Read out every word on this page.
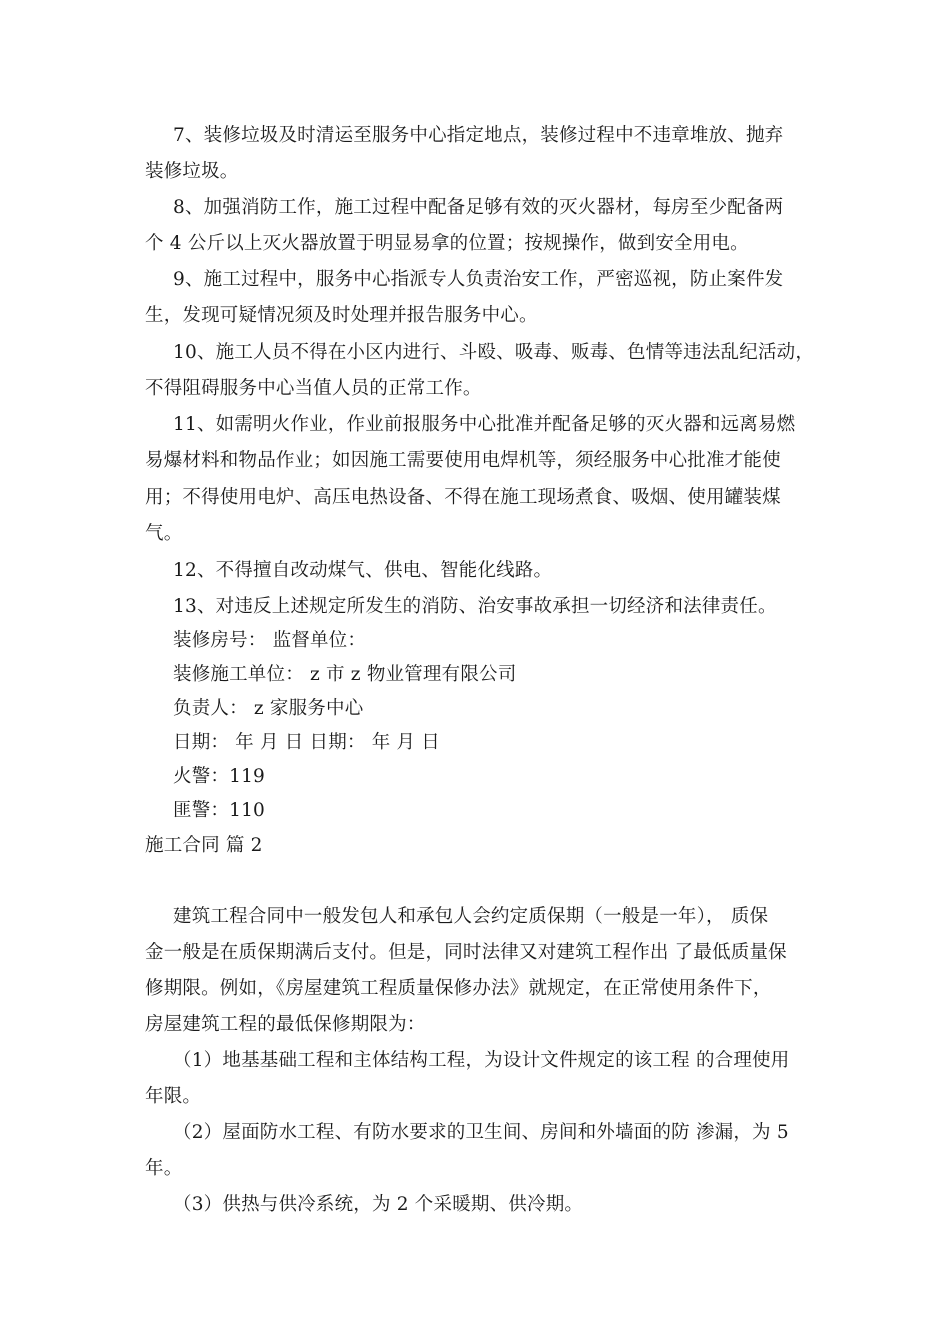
7、装修垃圾及时清运至服务中心指定地点，装修过程中不违章堆放、抛弃
装修垃圾。
8、加强消防工作，施工过程中配备足够有效的灭火器材，每房至少配备两
个 4 公斤以上灭火器放置于明显易拿的位置；按规操作，做到安全用电。
9、施工过程中，服务中心指派专人负责治安工作，严密巡视，防止案件发
生，发现可疑情况须及时处理并报告服务中心。
10、施工人员不得在小区内进行、斗殴、吸毒、贩毒、色情等违法乱纪活动，
不得阻碍服务中心当值人员的正常工作。
11、如需明火作业，作业前报服务中心批准并配备足够的灭火器和远离易燃
易爆材料和物品作业；如因施工需要使用电焊机等，须经服务中心批准才能使
用；不得使用电炉、高压电热设备、不得在施工现场煮食、吸烟、使用罐装煤
气。
12、不得擅自改动煤气、供电、智能化线路。
13、对违反上述规定所发生的消防、治安事故承担一切经济和法律责任。
装修房号： 监督单位：
装修施工单位： z 市 z 物业管理有限公司
负责人： z 家服务中心
日期： 年 月 日 日期： 年 月 日
火警：119
匪警：110
施工合同 篇 2
建筑工程合同中一般发包人和承包人会约定质保期（一般是一年）， 质保
金一般是在质保期满后支付。但是，同时法律又对建筑工程作出 了最低质量保
修期限。例如，《房屋建筑工程质量保修办法》就规定，在正常使用条件下，
房屋建筑工程的最低保修期限为：
（1）地基基础工程和主体结构工程，为设计文件规定的该工程 的合理使用
年限。
（2）屋面防水工程、有防水要求的卫生间、房间和外墙面的防 渗漏，为 5
年。
（3）供热与供冷系统，为 2 个采暖期、供冷期。
